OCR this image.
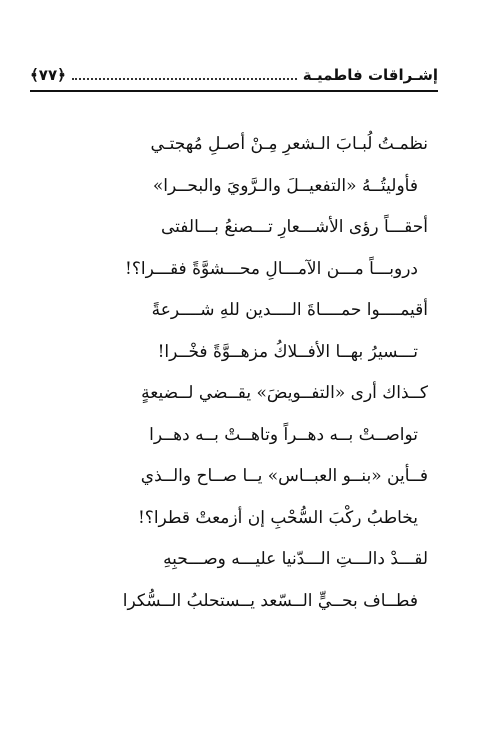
إشـراقات فاطميـة
﴿٧٧﴾
نظمـتُ لُبـابَ الـشعرِ مِـنْ أصـلِ مُهجتـي
فأوليتُــهُ «التفعيــلَ والـرَّويَ والبحــرا»
أحقـــاً رؤى الأشـــعارِ تـــصنعُ بـــالفتى
دروبـــاً مـــن الآمـــالِ محـــشوَّةً فقـــرا؟!
أقيمــــوا حمــــاةَ الــــدين للهِ شــــرعةً
تـــسيرُ بهــا الأفــلاكُ مزهــوَّةً فخْــرا!
كــذاك أرى «التفــويضَ» يقــضي لــضيعةٍ
تواصــتْ بــه دهــراً وتاهــتْ بــه دهــرا
فــأين «بنــو العبــاس» يــا صــاح والــذي
يخاطبُ ركْبَ السُّحْبِ إن أزمعتْ قطرا؟!
لقـــدْ دالـــتِ الـــدّنيا عليـــه وصـــحبِهِ
فطــاف بحــيٍّ الــسّعد يــستحلبُ الــسُّكرا
